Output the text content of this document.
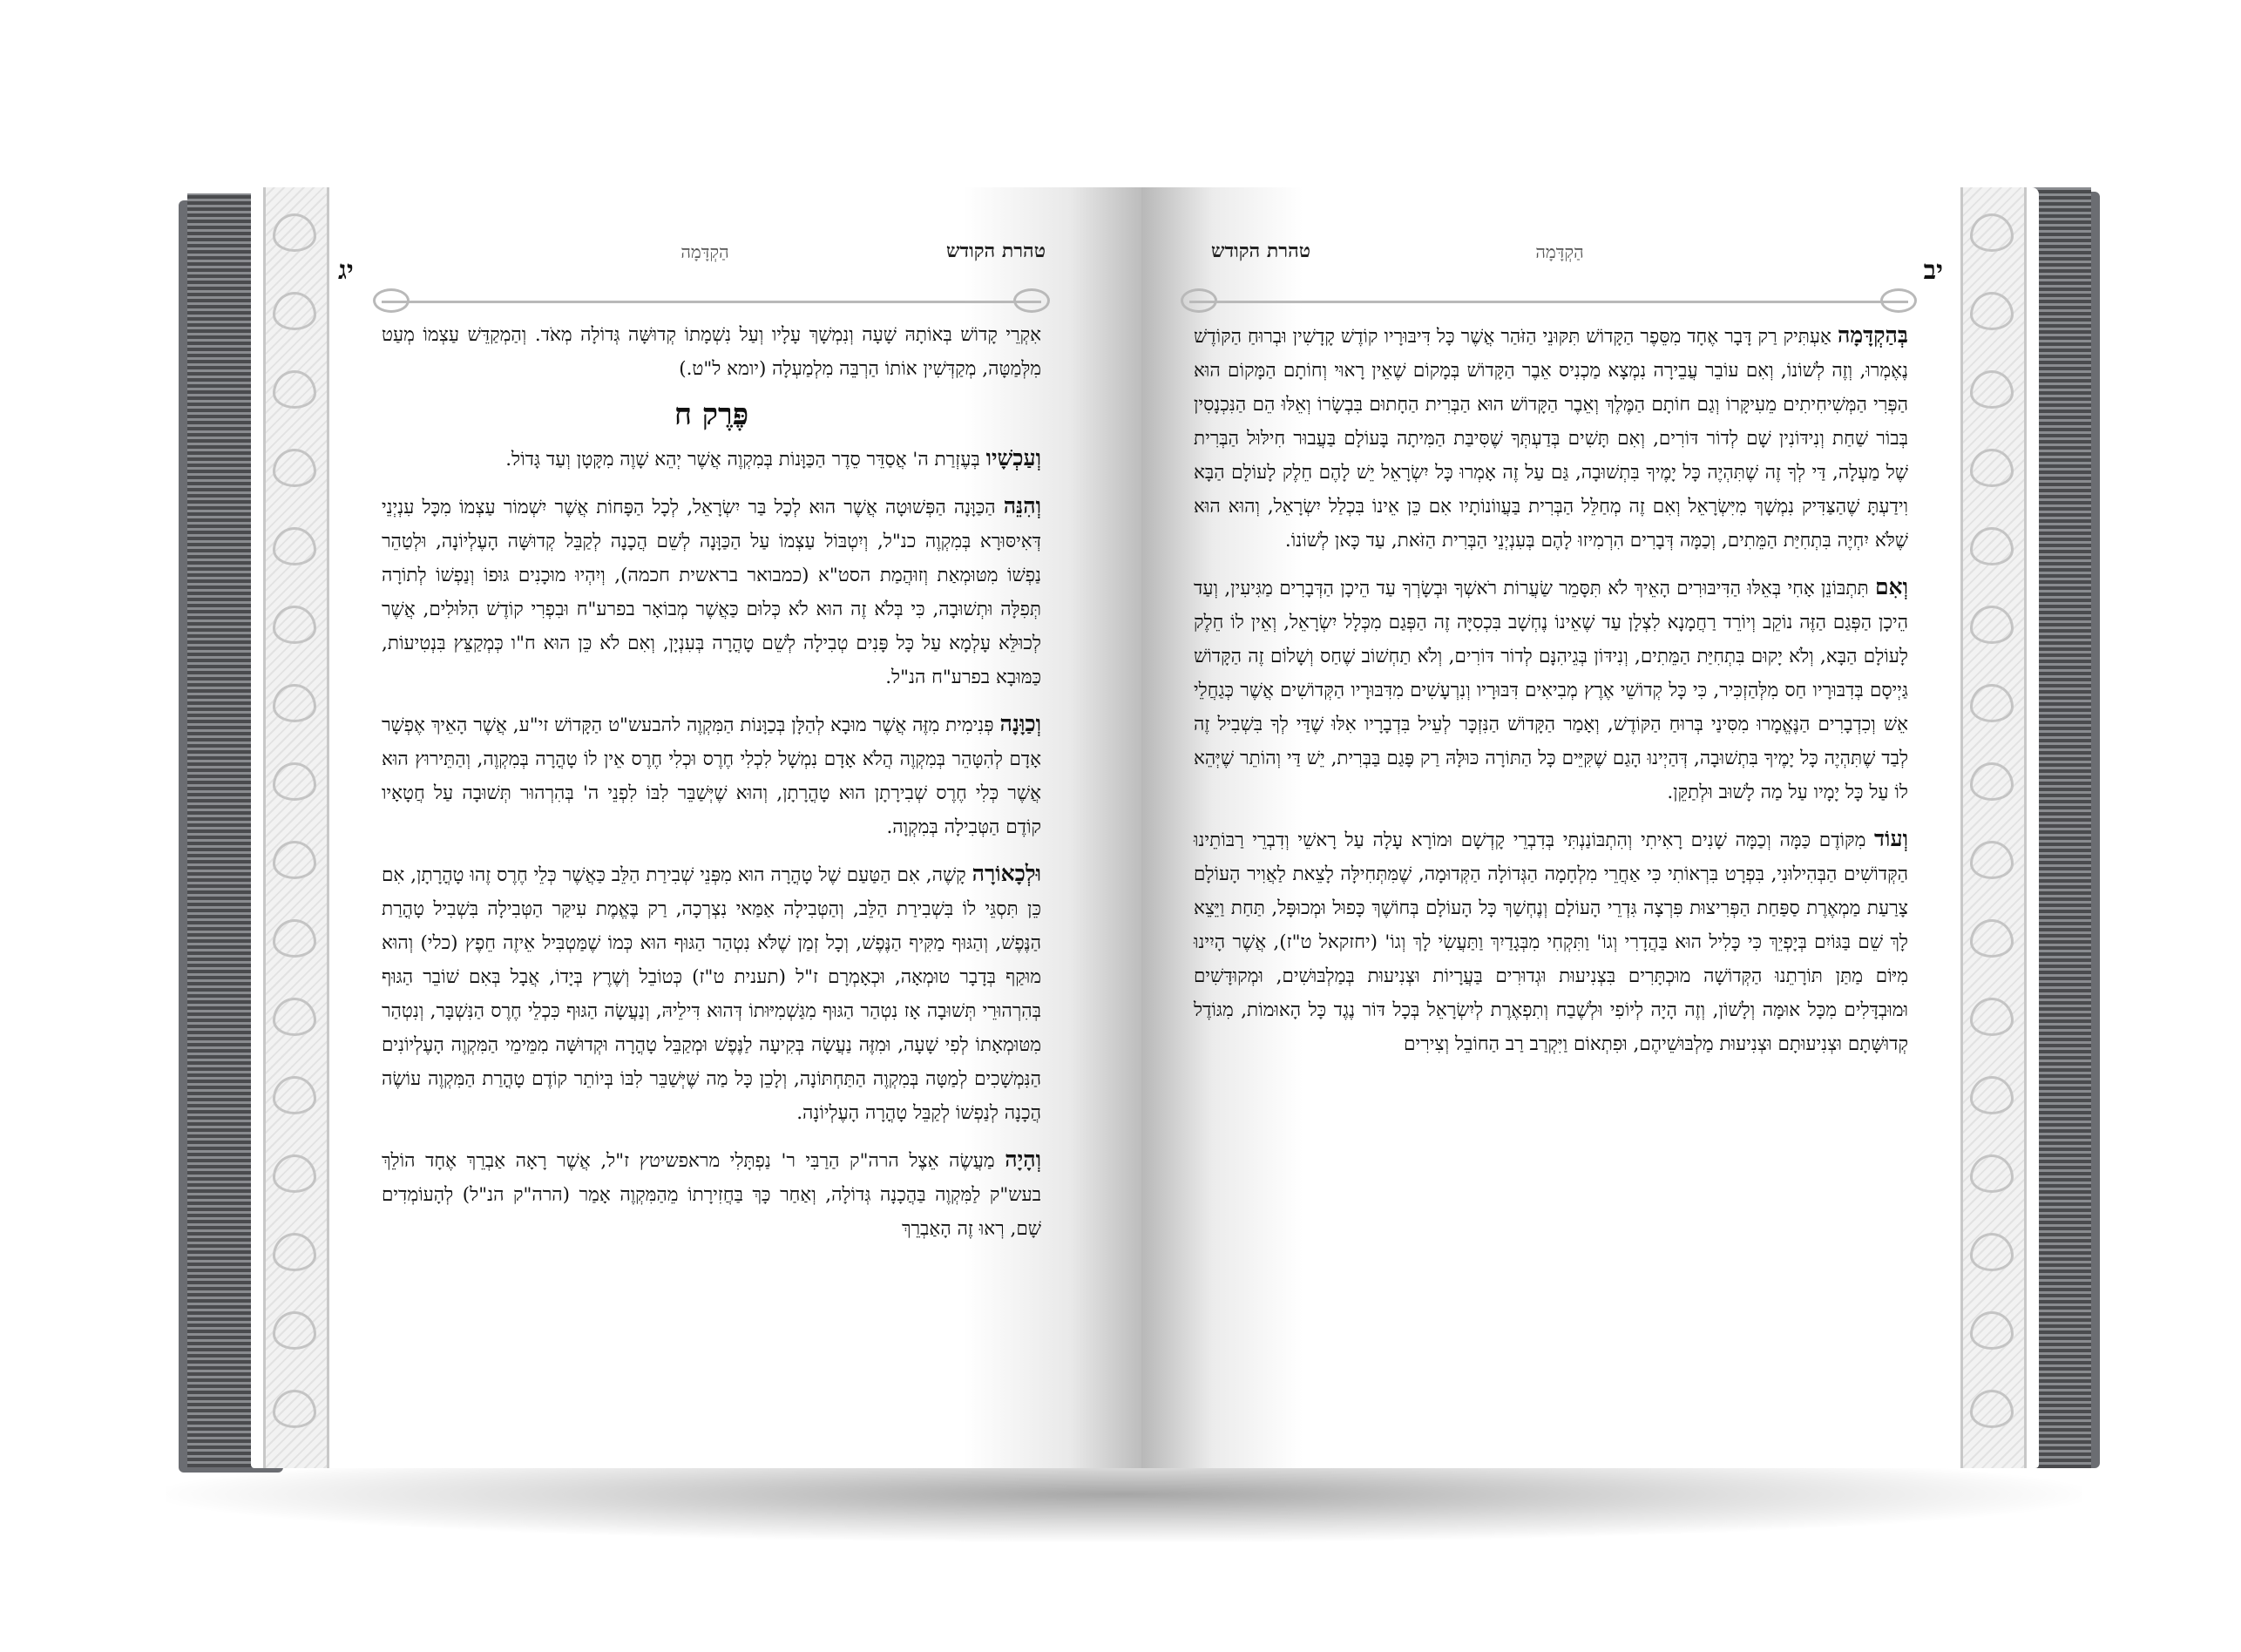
טהרת הקודש
הַקְדָּמָה
יג

אִקְרֵי קָדוֹשׁ בְּאוֹתָהּ שָׁעָה וְנִמְשָׁךְ עָלָיו וְעַל נִשְׁמָתוֹ קְדוּשָּׁה גְּדוֹלָה מְאֹד. וְהַמְקַדֵּשׁ עַצְמוֹ מְעַט מִלְּמַטָּה, מְקַדְּשִׁין אוֹתוֹ הַרְבֵּה מִלְמַעְלָה (יומא ל"ט.)

פֶּרֶק ח

וְעַכְשָׁיו בְּעֶזְרַת ה' אֲסַדֵּר סֵדֶר הַכַּוָּנוֹת בְּמִקְוֶה אֲשֶׁר יְהֵא שָׁוֶה מִקָּטָן וְעַד גָּדוֹל.

וְהִנֵּה הַכַּוָּנָה הַפְּשׁוּטָה אֲשֶׁר הוּא לְכָל בַּר יִשְׂרָאֵל, לְכָל הַפָּחוֹת אֲשֶׁר יִשְׁמוֹר עַצְמוֹ מִכָּל עִנְיְנֵי דְּאִיסּוּרָא בְּמִקְוֶה כנ"ל, וְיִטְבּוֹל עַצְמוֹ עַל הַכַּוָּנָה לְשֵׁם הֲכָנָה לְקַבֵּל קְדוּשָּׁה הָעֶלְיוֹנָה, וּלְטַהֵר נַפְשׁוֹ מִטּוּמְאַת וְזוּהֲמַת הסט"א (כמבואר בראשית חכמה), וְיִהְיוּ מוּכָנִים גּוּפוֹ וְנַפְשׁוֹ לְתוֹרָה תְּפִלָּה וּתְשׁוּבָה, כִּי בְּלֹא זֶה הוּא לֹא כְּלוּם כַּאֲשֶׁר מְבוֹאָר בפרע"ח וּבִפְרִי קוֹדֶשׁ הִלּוּלִים, אֲשֶׁר לְכוּלֵּא עָלְמָא עַל כָּל פָּנִים טְבִילָה לְשֵׁם טָהֳרָה בְּעִנְיָן, וְאִם לֹא כֵּן הוּא ח"ו כְּמְקַצֵּץ בִּנְטִיעוֹת, כַּמּוּבָא בפרע"ח הנ"ל.

וְכַוָּנָה פְּנִימִית מִזֶּה אֲשֶׁר מוּבָא לְהַלָּן בְּכַוָּנוֹת הַמִּקְוֶה להבעש"ט הַקָּדוֹשׁ זי"ע, אֲשֶׁר הָאֵיךְ אֶפְשָׁר אָדָם לְהִטָּהֵר בְּמִקְוֶה הֲלֹא אָדָם נִמְשָׁל לִכְלִי חֶרֶס וּכְלִי חֶרֶס אֵין לוֹ טָהֳרָה בְּמִקְוֶה, וְהַתֵּירוּץ הוּא אֲשֶׁר כְּלִי חֶרֶס שְׁבִירָתָן הוּא טָהֳרָתָן, וְהוּא שֶׁיְּשַׁבֵּר לִבּוֹ לִפְנֵי ה' בְּהִרְהוּר תְּשׁוּבָה עַל חֲטָאָיו קוֹדֶם הַטְּבִילָה בְּמִקְוָה.

וּלְכָאוֹרָה קָשֶׁה, אִם הַטַּעַם שֶׁל טָהֳרָה הוּא מִפְּנֵי שְׁבִירַת הַלֵּב כַּאֲשֶׁר כְּלֵי חֶרֶס זֶהוּ טָהֳרָתָן, אִם כֵּן תִּסְגֵּי לוֹ בִּשְׁבִירַת הַלֵּב, וְהַטְּבִילָה אַמַּאי נִצְרְכָה, רַק בֶּאֱמֶת עִיקַּר הַטְּבִילָה בִּשְׁבִיל טָהֳרַת הַנֶּפֶשׁ, וְהַגּוּף מַקִּיף הַנֶּפֶשׁ, וְכָל זְמַן שֶׁלֹּא נִטְהַר הַגּוּף הוּא כְּמוֹ שֶׁמַּטְבִּיל אֵיזֶה חֵפֶץ (כלי) וְהוּא מוּקַף בְּדָבָר טוּמְאָה, וּכְאָמְרָם ז"ל (תענית ט"ז) כְּטוֹבֵל וְשֶׁרֶץ בְּיָדוֹ, אֲבָל בְּאִם שׁוֹבֵר הַגּוּף בְּהִרְהוּרֵי תְּשׁוּבָה אָז נִטְהַר הַגּוּף מִגַּשְׁמִיּוּתוֹ דְּהוּא דִּילֵיהּ, וְנַעֲשָׂה הַגּוּף כִּכְלֵי חֶרֶס הַנִּשְׁבָּר, וְנִטְהַר מִטּוּמְאָתוֹ לְפִי שָׁעָה, וּמִזֶּה נַעֲשָׂה בְּקִיעָה לַנֶּפֶשׁ וּמְקַבֵּל טָהֳרָה וּקְדוּשָּׁה מִמֵּימֵי הַמִּקְוֶה הָעֶלְיוֹנִים הַנִּמְשָׁכִים לְמַטָּה בְּמִקְוֶה הַתַּחְתּוֹנָה, וְלָכֵן כָּל מַה שֶּׁיְּשַׁבֵּר לִבּוֹ בְּיוֹתֵר קוֹדֶם טָהֳרַת הַמִּקְוֶה עוֹשֶׂה הֲכָנָה לְנַפְשׁוֹ לְקַבֵּל טָהֳרָה הָעֶלְיוֹנָה.

וְהָיָה מַעֲשֶׂה אֵצֶל הרה"ק הַרַבִּי ר' נַפְתָּלִי מראפשיטץ ז"ל, אֲשֶׁר רָאָה אַבְרֵךְ אֶחָד הוֹלֵךְ בעש"ק לַמִּקְוֶה בַּהֲכָנָה גְּדוֹלָה, וְאַחַר כָּךְ בַּחֲזִירָתוֹ מֵהַמִּקְוֶה אָמַר (הרה"ק הנ"ל) לְהָעוֹמְדִים שָׁם, רְאוּ זֶה הָאַבְרֵךְ

טהרת הקודש	הַקְדָּמָה
יב

בְּהַקְדָּמָה אַעְתִּיק רַק דָּבָר אֶחָד מִסֵּפֶר הַקָּדוֹשׁ תִּקּוּנֵי הַזֹּהַר אֲשֶׁר כָּל דִּיבּוּרָיו קוֹדֶשׁ קָדָשִׁין וּבְרוּחַ הַקּוֹדֶשׁ נֶאֶמְרוּ, וְזֶה לְשׁוֹנוֹ, וְאִם עוֹבֵר עֲבֵירָה נִמְצָא מַכְנִיס אֵבֶר הַקָּדוֹשׁ בְּמָקוֹם שֶׁאֵין רָאוּי וְחוֹתָם הַמָּקוֹם הוּא הַפְּרִי הַמְּשִׁיחִיתִים מֵעִיקָּרוֹ וְגַם חוֹתָם הַמֶּלֶךְ וְאֵבֶר הַקָּדוֹשׁ הוּא הַבְּרִית הַחָתוּם בִּבְשָׂרוֹ וְאֵלּוּ הֵם הַנִּכְנָסִין בְּבוֹר שַׁחַת וְנִידּוֹנִין שָׁם לְדוֹר דּוֹרִים, וְאִם תָּשִׁים בְּדַעְתְּךָ שֶׁסִּיבַּת הַמִּיתָה בָּעוֹלָם בַּעֲבוּר חִילּוּל הַבְּרִית שֶׁל מַעְלָה, דַּי לְךָ זֶה שֶׁתִּהְיֶה כָּל יָמֶיךָ בִּתְשׁוּבָה, גַּם עַל זֶה אָמְרוּ כָּל יִשְׂרָאֵל יֵשׁ לָהֶם חֵלֶק לָעוֹלָם הַבָּא וִידַעְתָּ שֶׁהַצַּדִּיק נִמְשָׁךְ מִיִּשְׂרָאֵל וְאִם זֶה מְחַלֵּל הַבְּרִית בַּעֲווֹנוֹתָיו אִם כֵּן אֵינוֹ בִּכְלַל יִשְׂרָאֵל, וְהוּא הוּא שֶׁלֹּא יִחְיֶה בִּתְחִיַּת הַמֵּתִים, וְכַמָּה דְּבָרִים הִרְמִיזוּ לָהֶם בְּעִנְיְנֵי הַבְּרִית הַזֹּאת, עַד כָּאן לְשׁוֹנוֹ.

וְאִם תִּתְבּוֹנֵן אָחִי בְּאֵלּוּ הַדִּיבּוּרִים הָאֵיךְ לֹא תִּסָּמֵר שַׂעֲרוֹת רֹאשְׁךָ וּבְשָׂרְךָ עַד הֵיכָן הַדְּבָרִים מַגִּיעִין, וְעַד הֵיכָן הַפְּגַם הַזֶּה נוֹקֵב וְיוֹרֵד רַחֲמָנָא לִצְלָן עַד שֶׁאֵינוֹ נֶחְשָׁב בִּכְסִיָּה זֶה הַפְּגַם מִכְּלָל יִשְׂרָאֵל, וְאֵין לוֹ חֵלֶק לָעוֹלָם הַבָּא, וְלֹא יָקוּם בִּתְחִיַּת הַמֵּתִים, וְנִידּוֹן בְּגֵיהִנָּם לְדוֹר דּוֹרִים, וְלֹא תַחְשׁוֹב שֶׁחַס וְשָׁלוֹם זֶה הַקָּדוֹשׁ גַּיְיסָם בְּדִבּוּרָיו חַס מִלְּהַזְכִּיר, כִּי כָּל קְדוֹשֵׁי אֶרֶץ מְבִיאִים דִּבּוּרָיו וְנִרְעָשִׁים מִדִּבּוּרָיו הַקְּדוֹשִׁים אֲשֶׁר כְּגַחֲלֵי אֵשׁ וְכִדְבָרִים הַנֶּאֱמָרוּ מִסִּינַי בְּרוּחַ הַקּוֹדֶשׁ, וְאָמַר הַקָּדוֹשׁ הַנִּזְכָּר לְעֵיל בִּדְבָרָיו אִלּוּ שֶׁדַּי לְךָ בִּשְׁבִיל זֶה לְבַד שֶׁתִּהְיֶה כָּל יָמֶיךָ בִּתְשׁוּבָה, דְּהַיְינוּ הָגַם שֶׁקִּיֵּים כָּל הַתּוֹרָה כּוּלָּהּ רַק פָּגַם בַּבְּרִית, יֵשׁ דַּי וְהוֹתֵר שֶׁיְּהֵא לוֹ עַל כָּל יָמָיו עַל מַה לָשׁוּב וּלְתַקֵּן.

וְעוֹד מִקּוֹדֶם כַּמָּה וְכַמָּה שָׁנִים רָאִיתִי וְהִתְבּוֹנַנְתִּי בְּדִבְרֵי קָדְשָׁם וּמוֹרָא עָלָה עַל רָאשֵׁי וְדִבְרֵי רַבּוֹתֵינוּ הַקְּדוֹשִׁים הַבְּהִילוּנִי, בִּפְרָט בִּרְאוֹתִי כִּי אַחֲרֵי מִלְחָמָה הַגְּדוֹלָה הַקְּדוּמָה, שֶׁמִּתְּחִילָּה לָצֵאת לַאֲוִיר הָעוֹלָם צָרַעַת מַמְאֶרֶת סַפַּחַת הַפְּרִיצוּת פִּרְצָה גִּדְרֵי הָעוֹלָם וְנֶחְשַׁךְ כָּל הָעוֹלָם בְּחוֹשֶׁךְ כָּפוּל וּמְכוּפָּל, תַּחַת וַיֵּצֵא לָךְ שֵׁם בַּגּוֹיִם בְּיָפְיֵךְ כִּי כָּלִיל הוּא בַּהֲדָרִי וְגוֹ' וַתִּקְחִי מִבְּגָדַיִךְ וַתַּעֲשִׂי לָךְ וְגוֹ' (יחזקאל ט"ז), אֲשֶׁר הָיִינוּ מִיּוֹם מַתַּן תּוֹרָתֵנוּ הַקְּדוֹשָׁה מוּכְתָּרִים בִּצְנִיעוּת וּגְדוּרִים בַּעֲרָיוֹת וּצְנִיעוּת בְּמַלְבּוּשִׁים, וּמְקוּדָּשִׁים וּמוּבְדָּלִים מִכָּל אוּמָּה וְלָשׁוֹן, וְזֶה הָיָה לְיוֹפִי וּלְשֶׁבַח וְתִפְאֶרֶת לְיִשְׂרָאֵל בְּכָל דּוֹר נֶגֶד כָּל הָאוּמוֹת, מִגּוֹדֶל קְדוּשָּׁתָם וּצְנִיעוּתָם וּצְנִיעוּת מַלְבּוּשֵׁיהֶם, וּפִתְאוֹם וַיִּקְרַב רַב הַחוֹבֵל וְצִירִים
